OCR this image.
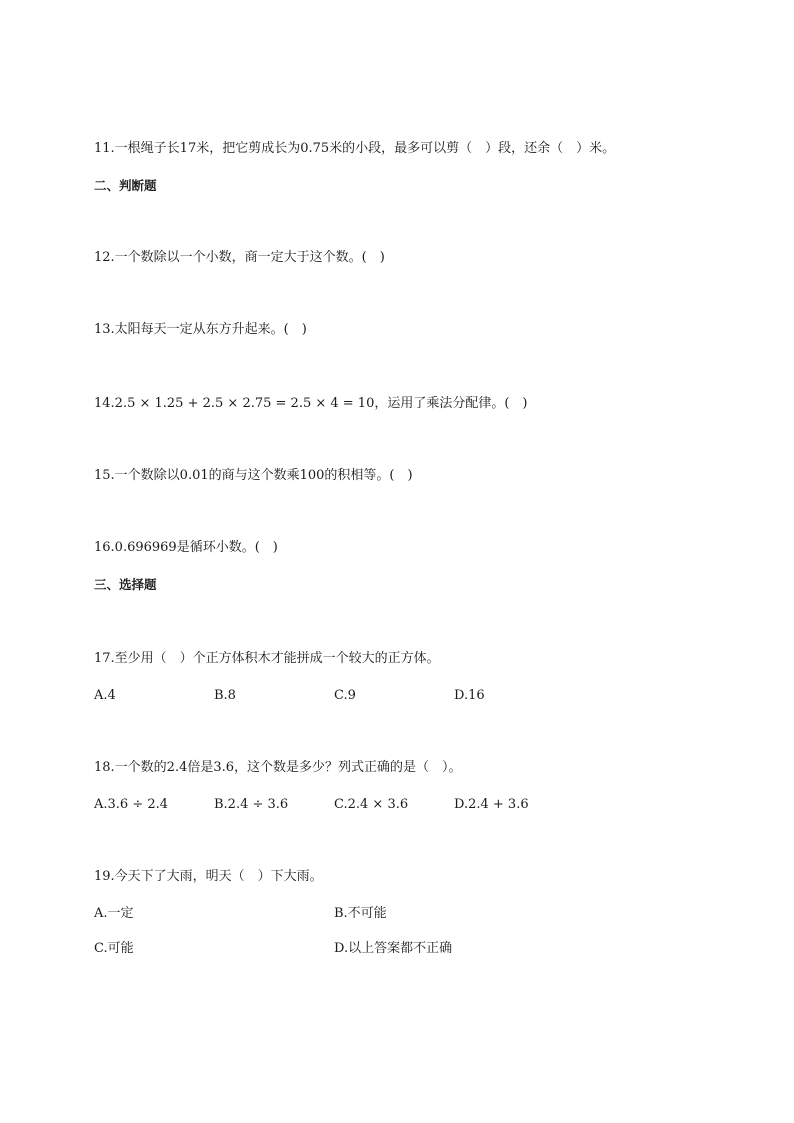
11.一根绳子长17米，把它剪成长为0.75米的小段，最多可以剪（　）段，还余（　）米。
二、判断题
12.一个数除以一个小数，商一定大于这个数。(　)
13.太阳每天一定从东方升起来。(　)
14.2.5 × 1.25 + 2.5 × 2.75 = 2.5 × 4 = 10，运用了乘法分配律。(　)
15.一个数除以0.01的商与这个数乘100的积相等。(　)
16.0.696969是循环小数。(　)
三、选择题
17.至少用（　）个正方体积木才能拼成一个较大的正方体。
A.4	B.8	C.9	D.16
18.一个数的2.4倍是3.6，这个数是多少？列式正确的是（　）。
A.3.6 ÷ 2.4	B.2.4 ÷ 3.6	C.2.4 × 3.6	D.2.4 + 3.6
19.今天下了大雨，明天（　）下大雨。
A.一定	B.不可能
C.可能	D.以上答案都不正确
